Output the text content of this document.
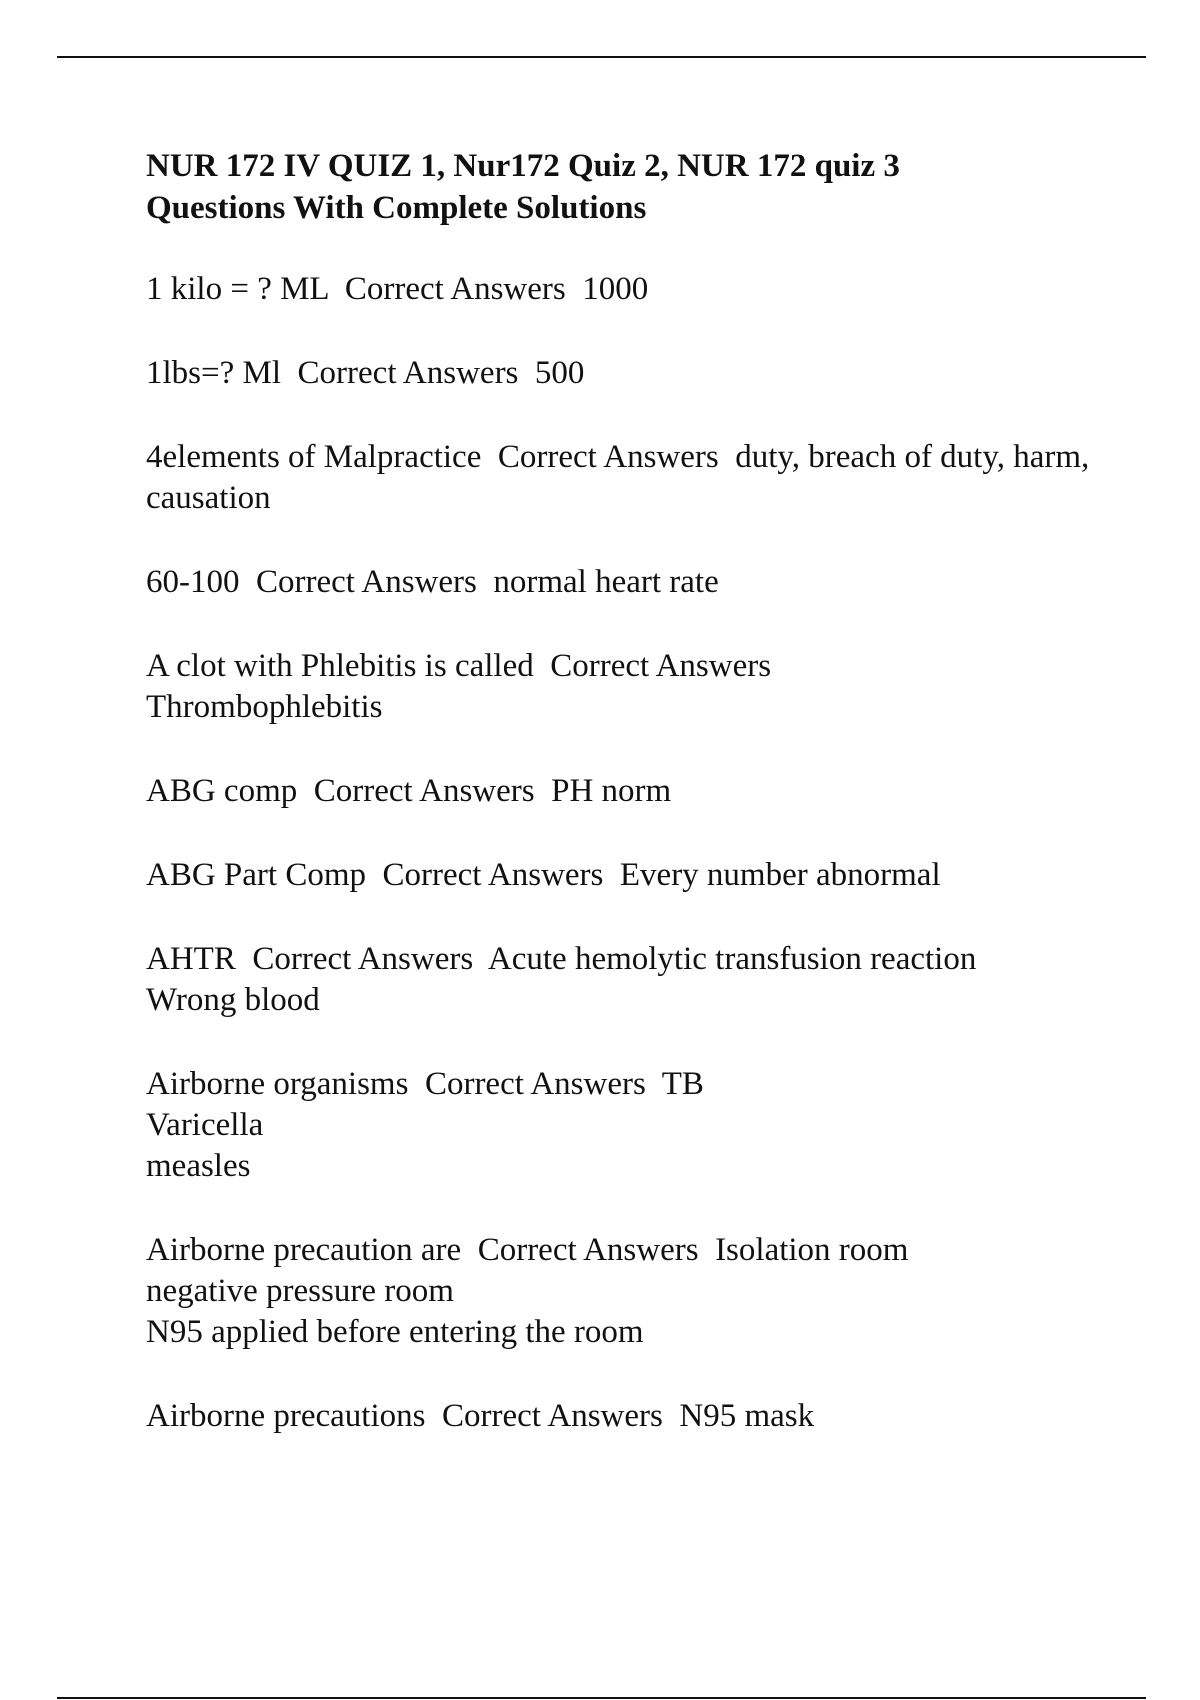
NUR 172 IV QUIZ 1, Nur172 Quiz 2, NUR 172 quiz 3
Questions With Complete Solutions
1 kilo = ? ML Correct Answers 1000
1lbs=? Ml Correct Answers 500
4elements of Malpractice Correct Answers duty, breach of duty, harm, causation
60-100 Correct Answers normal heart rate
A clot with Phlebitis is called Correct Answers
Thrombophlebitis
ABG comp Correct Answers PH norm
ABG Part Comp Correct Answers Every number abnormal
AHTR Correct Answers Acute hemolytic transfusion reaction
Wrong blood
Airborne organisms Correct Answers TB
Varicella
measles
Airborne precaution are Correct Answers Isolation room
negative pressure room
N95 applied before entering the room
Airborne precautions Correct Answers N95 mask
